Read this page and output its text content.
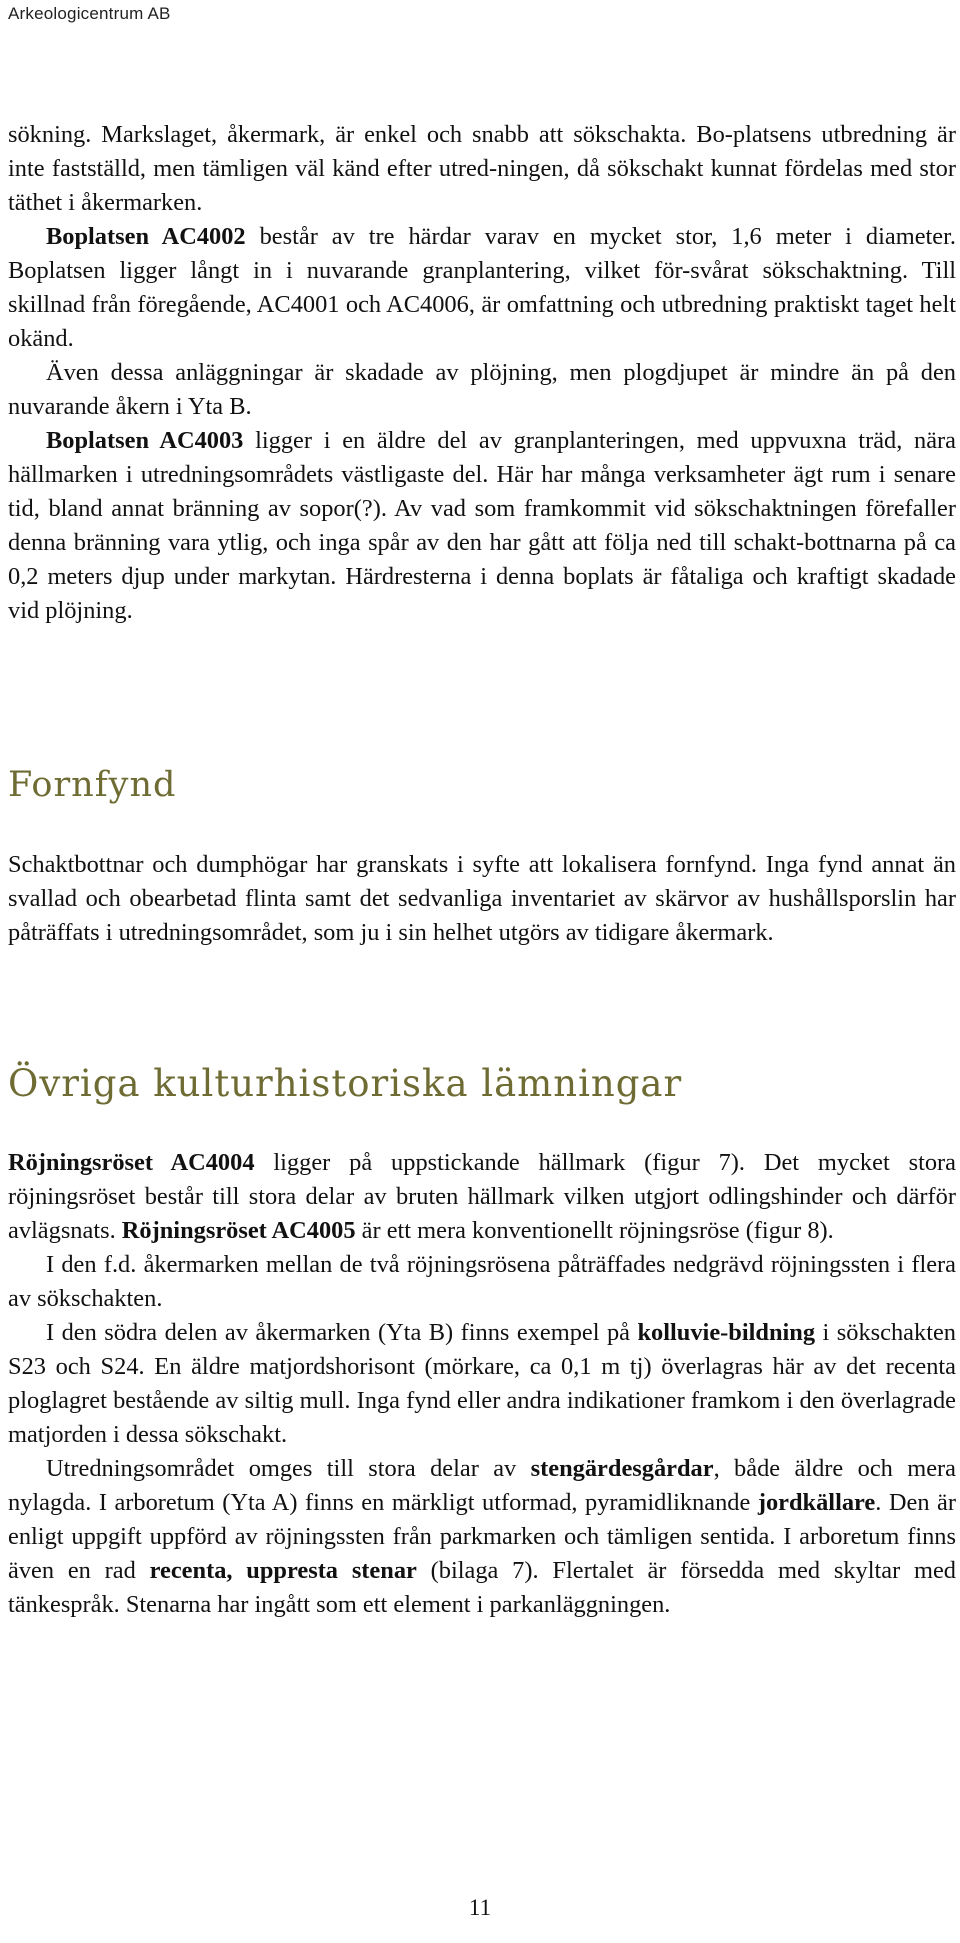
Arkeologicentrum AB

sökning. Markslaget, åkermark, är enkel och snabb att sökschakta. Bo-platsens utbredning är inte fastställd, men tämligen väl känd efter utred-ningen, då sökschakt kunnat fördelas med stor täthet i åkermarken.

Boplatsen AC4002 består av tre härdar varav en mycket stor, 1,6 meter i diameter. Boplatsen ligger långt in i nuvarande granplantering, vilket för-svårat sökschaktning. Till skillnad från föregående, AC4001 och AC4006, är omfattning och utbredning praktiskt taget helt okänd.

Även dessa anläggningar är skadade av plöjning, men plogdjupet är mindre än på den nuvarande åkern i Yta B.

Boplatsen AC4003 ligger i en äldre del av granplanteringen, med uppvuxna träd, nära hällmarken i utredningsområdets västligaste del. Här har många verksamheter ägt rum i senare tid, bland annat bränning av sopor(?). Av vad som framkommit vid sökschaktningen förefaller denna bränning vara ytlig, och inga spår av den har gått att följa ned till schakt-bottnarna på ca 0,2 meters djup under markytan. Härdresterna i denna boplats är fåtaliga och kraftigt skadade vid plöjning.

Fornfynd

Schaktbottnar och dumphögar har granskats i syfte att lokalisera fornfynd. Inga fynd annat än svallad och obearbetad flinta samt det sedvanliga inventariet av skärvor av hushållsporslin har påträffats i utredningsområdet, som ju i sin helhet utgörs av tidigare åkermark.

Övriga kulturhistoriska lämningar

Röjningsröset AC4004 ligger på uppstickande hällmark (figur 7). Det mycket stora röjningsröset består till stora delar av bruten hällmark vilken utgjort odlingshinder och därför avlägsnats. Röjningsröset AC4005 är ett mera konventionellt röjningsröse (figur 8).

I den f.d. åkermarken mellan de två röjningsrösena påträffades nedgrävd röjningssten i flera av sökschakten.

I den södra delen av åkermarken (Yta B) finns exempel på kolluvie-bildning i sökschakten S23 och S24. En äldre matjordshorisont (mörkare, ca 0,1 m tj) överlagras här av det recenta ploglagret bestående av siltig mull. Inga fynd eller andra indikationer framkom i den överlagrade matjorden i dessa sökschakt.

Utredningsområdet omges till stora delar av stengärdesgårdar, både äldre och mera nylagda. I arboretum (Yta A) finns en märkligt utformad, pyramidliknande jordkällare. Den är enligt uppgift uppförd av röjningssten från parkmarken och tämligen sentida. I arboretum finns även en rad recenta, uppresta stenar (bilaga 7). Flertalet är försedda med skyltar med tänkespråk. Stenarna har ingått som ett element i parkanläggningen.

11
